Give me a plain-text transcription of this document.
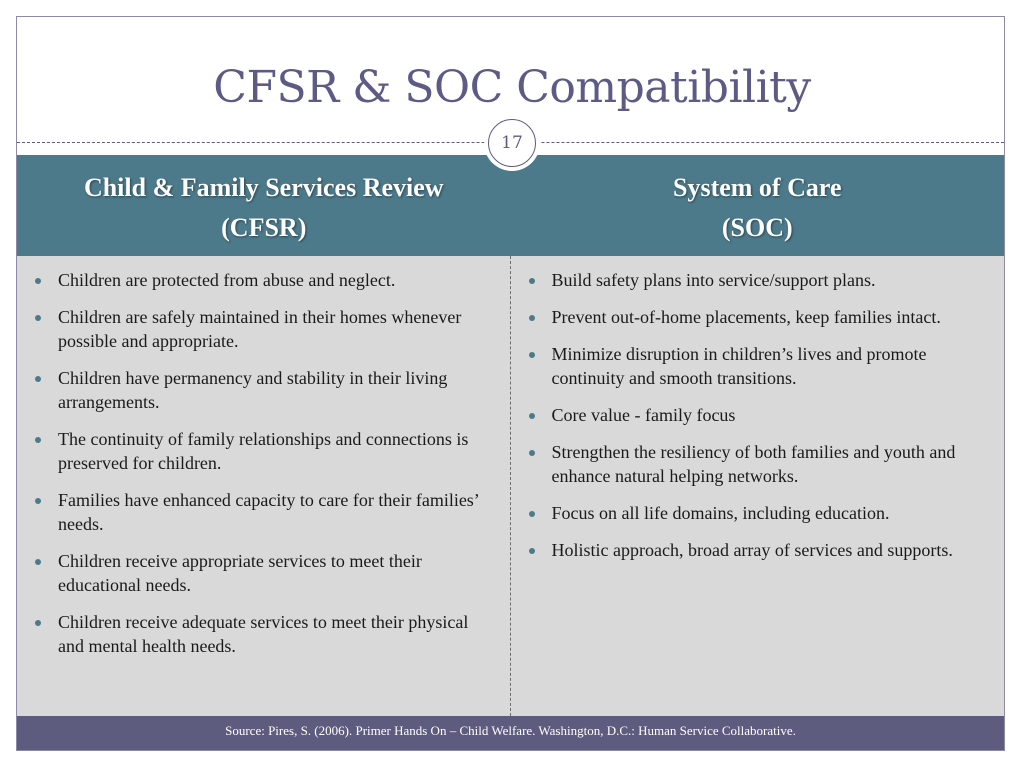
CFSR & SOC Compatibility
17
Child & Family Services Review
(CFSR)
System of Care
(SOC)
Children are protected from abuse and neglect.
Children are safely maintained in their homes whenever possible and appropriate.
Children have permanency and stability in their living arrangements.
The continuity of family relationships and connections is preserved for children.
Families have enhanced capacity to care for their families’ needs.
Children receive appropriate services to meet their educational needs.
Children receive adequate services to meet their physical and mental health needs.
Build safety plans into service/support plans.
Prevent out-of-home placements, keep families intact.
Minimize disruption in children’s lives and promote continuity and smooth transitions.
Core value - family focus
Strengthen the resiliency of both families and youth and enhance natural helping networks.
Focus on all life domains, including education.
Holistic approach, broad array of services and supports.
Source: Pires, S. (2006). Primer Hands On – Child Welfare. Washington, D.C.: Human Service Collaborative.
